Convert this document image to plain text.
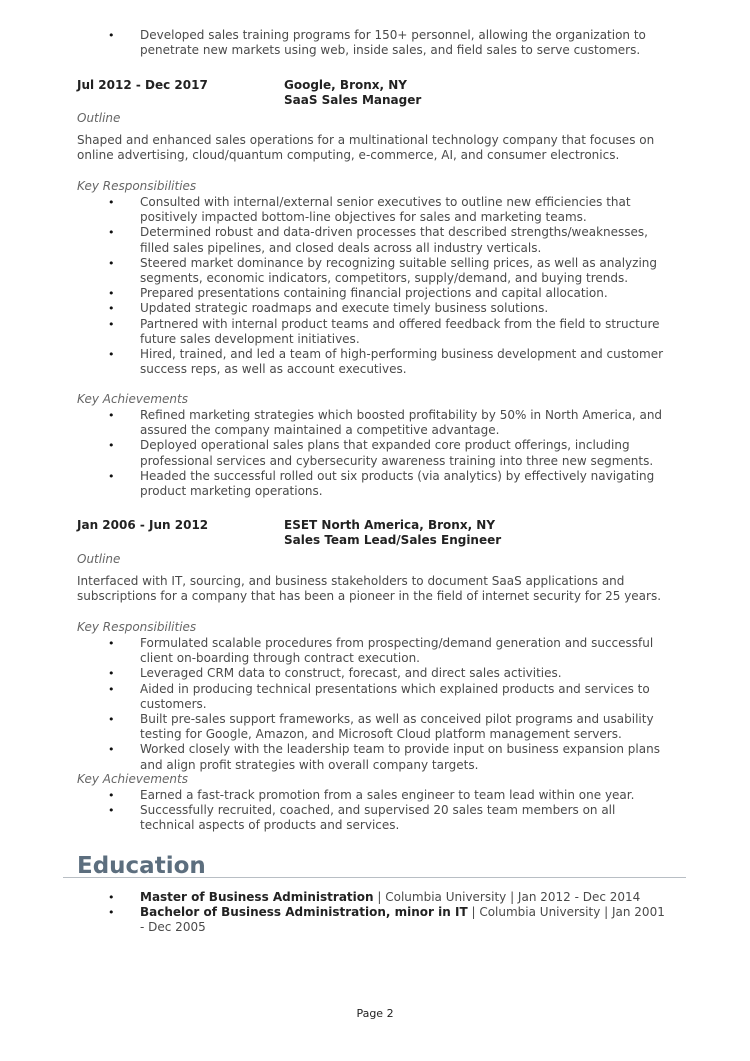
• Developed sales training programs for 150+ personnel, allowing the organization to penetrate new markets using web, inside sales, and field sales to serve customers.
Jul 2012 - Dec 2017	Google, Bronx, NY
SaaS Sales Manager
Outline
Shaped and enhanced sales operations for a multinational technology company that focuses on online advertising, cloud/quantum computing, e-commerce, AI, and consumer electronics.
Key Responsibilities
• Consulted with internal/external senior executives to outline new efficiencies that positively impacted bottom-line objectives for sales and marketing teams.
• Determined robust and data-driven processes that described strengths/weaknesses, filled sales pipelines, and closed deals across all industry verticals.
• Steered market dominance by recognizing suitable selling prices, as well as analyzing segments, economic indicators, competitors, supply/demand, and buying trends.
• Prepared presentations containing financial projections and capital allocation.
• Updated strategic roadmaps and execute timely business solutions.
• Partnered with internal product teams and offered feedback from the field to structure future sales development initiatives.
• Hired, trained, and led a team of high-performing business development and customer success reps, as well as account executives.
Key Achievements
• Refined marketing strategies which boosted profitability by 50% in North America, and assured the company maintained a competitive advantage.
• Deployed operational sales plans that expanded core product offerings, including professional services and cybersecurity awareness training into three new segments.
• Headed the successful rolled out six products (via analytics) by effectively navigating product marketing operations.
Jan 2006 - Jun 2012	ESET North America, Bronx, NY
Sales Team Lead/Sales Engineer
Outline
Interfaced with IT, sourcing, and business stakeholders to document SaaS applications and subscriptions for a company that has been a pioneer in the field of internet security for 25 years.
Key Responsibilities
• Formulated scalable procedures from prospecting/demand generation and successful client on-boarding through contract execution.
• Leveraged CRM data to construct, forecast, and direct sales activities.
• Aided in producing technical presentations which explained products and services to customers.
• Built pre-sales support frameworks, as well as conceived pilot programs and usability testing for Google, Amazon, and Microsoft Cloud platform management servers.
• Worked closely with the leadership team to provide input on business expansion plans and align profit strategies with overall company targets.
Key Achievements
• Earned a fast-track promotion from a sales engineer to team lead within one year.
• Successfully recruited, coached, and supervised 20 sales team members on all technical aspects of products and services.
Education
• Master of Business Administration | Columbia University | Jan 2012 - Dec 2014
• Bachelor of Business Administration, minor in IT | Columbia University | Jan 2001 - Dec 2005
Page 2
